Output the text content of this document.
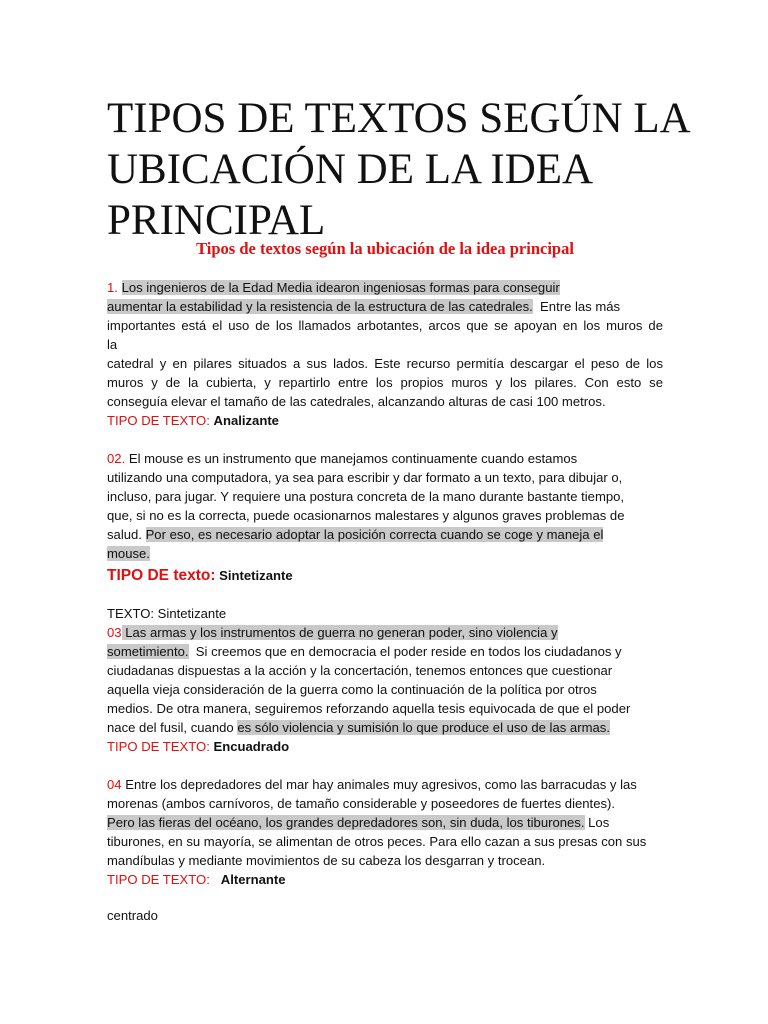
TIPOS DE TEXTOS SEGÚN LA UBICACIÓN DE LA IDEA PRINCIPAL
Tipos de textos según la ubicación de la idea principal
1. Los ingenieros de la Edad Media idearon ingeniosas formas para conseguir
aumentar la estabilidad y la resistencia de la estructura de las catedrales.  Entre las más
importantes está el uso de los llamados arbotantes, arcos que se apoyan en los muros de
la
catedral y en pilares situados a sus lados. Este recurso permitía descargar el peso de los
muros y de la cubierta, y repartirlo entre los propios muros y los pilares. Con esto se
conseguía elevar el tamaño de las catedrales, alcanzando alturas de casi 100 metros.
TIPO DE TEXTO: Analizante
02. El mouse es un instrumento que manejamos continuamente cuando estamos
utilizando una computadora, ya sea para escribir y dar formato a un texto, para dibujar o,
incluso, para jugar. Y requiere una postura concreta de la mano durante bastante tiempo,
que, si no es la correcta, puede ocasionarnos malestares y algunos graves problemas de
salud. Por eso, es necesario adoptar la posición correcta cuando se coge y maneja el
mouse.
TIPO DE texto: Sintetizante
TEXTO: Sintetizante
03 Las armas y los instrumentos de guerra no generan poder, sino violencia y
sometimiento.  Si creemos que en democracia el poder reside en todos los ciudadanos y
ciudadanas dispuestas a la acción y la concertación, tenemos entonces que cuestionar
aquella vieja consideración de la guerra como la continuación de la política por otros
medios. De otra manera, seguiremos reforzando aquella tesis equivocada de que el poder
nace del fusil, cuando es sólo violencia y sumisión lo que produce el uso de las armas.
TIPO DE TEXTO: Encuadrado
04 Entre los depredadores del mar hay animales muy agresivos, como las barracudas y las
morenas (ambos carnívoros, de tamaño considerable y poseedores de fuertes dientes).
Pero las fieras del océano, los grandes depredadores son, sin duda, los tiburones. Los
tiburones, en su mayoría, se alimentan de otros peces. Para ello cazan a sus presas con sus
mandíbulas y mediante movimientos de su cabeza los desgarran y trocean.
TIPO DE TEXTO: Alternante
centrado
